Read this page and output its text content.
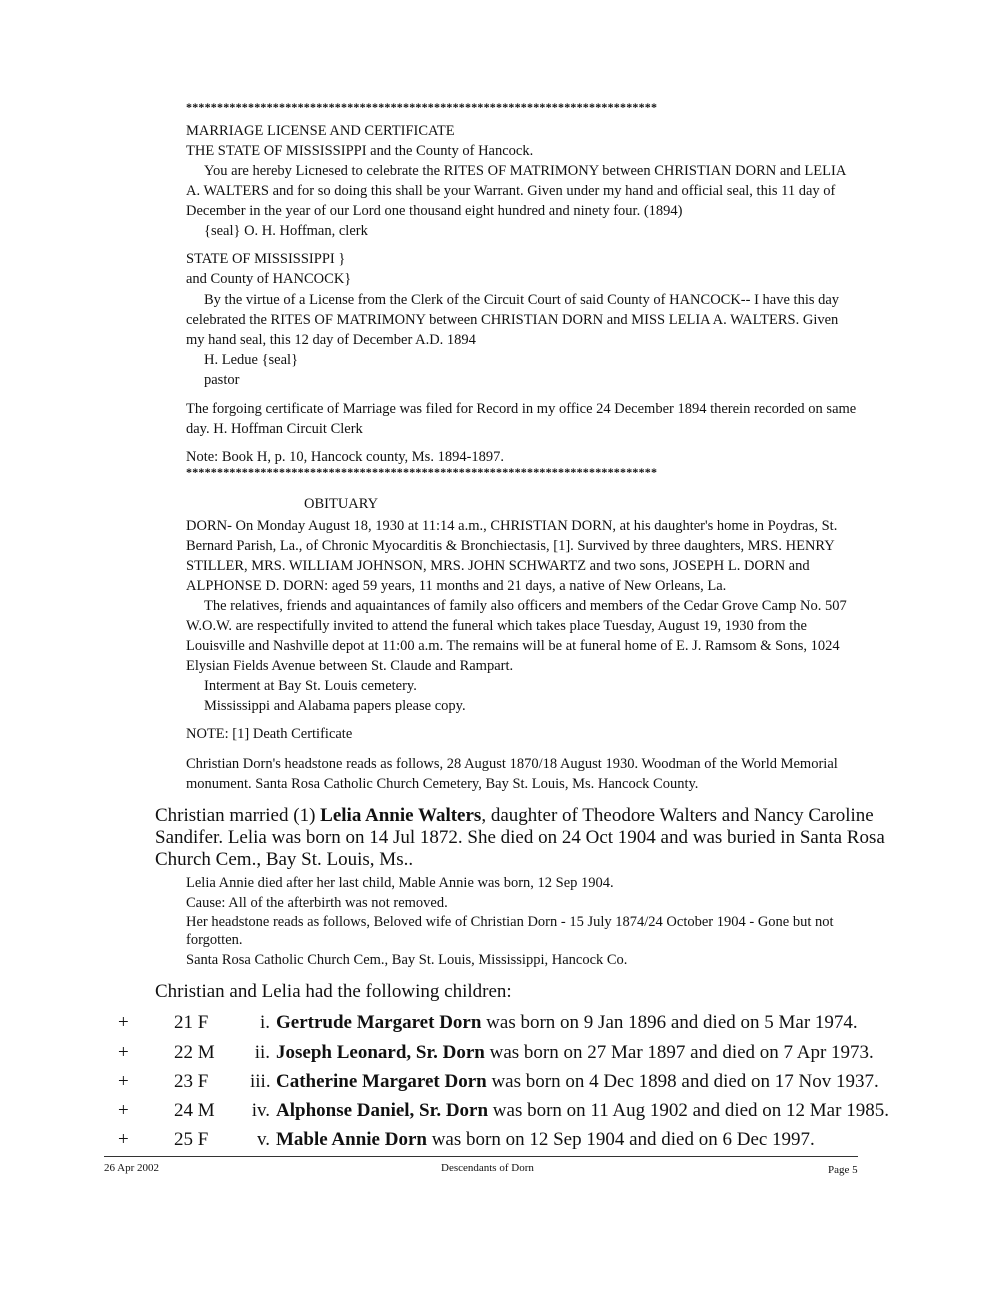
****************************************************************************
MARRIAGE LICENSE AND CERTIFICATE
THE STATE OF MISSISSIPPI and the County of Hancock.
You are hereby Licnesed to celebrate the RITES OF MATRIMONY between CHRISTIAN DORN and LELIA
A. WALTERS and for so doing this shall be your Warrant. Given under my hand and official seal, this 11 day of
December in the year of our Lord one thousand eight hundred and ninety four. (1894)
{seal} O. H. Hoffman, clerk
STATE OF MISSISSIPPI }
and County of HANCOCK}
By the virtue of a License from the Clerk of the Circuit Court of said County of HANCOCK-- I have this day
celebrated the RITES OF MATRIMONY between CHRISTIAN DORN and MISS LELIA A. WALTERS. Given
my hand seal, this 12 day of December A.D. 1894
H. Ledue {seal}
pastor
The forgoing certificate of Marriage was filed for Record in my office 24 December 1894 therein recorded on same
day. H. Hoffman Circuit Clerk
Note: Book H, p. 10, Hancock county, Ms. 1894-1897.
****************************************************************************
OBITUARY
DORN- On Monday August 18, 1930 at 11:14 a.m., CHRISTIAN DORN, at his daughter's home in Poydras, St.
Bernard Parish, La., of Chronic Myocarditis & Bronchiectasis, [1]. Survived by three daughters, MRS. HENRY
STILLER, MRS. WILLIAM JOHNSON, MRS. JOHN SCHWARTZ and two sons, JOSEPH L. DORN and
ALPHONSE D. DORN: aged 59 years, 11 months and 21 days, a native of New Orleans, La.
The relatives, friends and aquaintances of family also officers and members of the Cedar Grove Camp No. 507
W.O.W. are respectifully invited to attend the funeral which takes place Tuesday, August 19, 1930 from the
Louisville and Nashville depot at 11:00 a.m. The remains will be at funeral home of E. J. Ramsom & Sons, 1024
Elysian Fields Avenue between St. Claude and Rampart.
Interment at Bay St. Louis cemetery.
Mississippi and Alabama papers please copy.
NOTE: [1] Death Certificate
Christian Dorn's headstone reads as follows, 28 August 1870/18 August 1930. Woodman of the World Memorial
monument. Santa Rosa Catholic Church Cemetery, Bay St. Louis, Ms. Hancock County.
Christian married (1) Lelia Annie Walters, daughter of Theodore Walters and Nancy Caroline
Sandifer. Lelia was born on 14 Jul 1872. She died on 24 Oct 1904 and was buried in Santa Rosa
Church Cem., Bay St. Louis, Ms..
Lelia Annie died after her last child, Mable Annie was born, 12 Sep 1904.
Cause: All of the afterbirth was not removed.
Her headstone reads as follows, Beloved wife of Christian Dorn - 15 July 1874/24 October 1904 - Gone but not
forgotten.
Santa Rosa Catholic Church Cem., Bay St. Louis, Mississippi, Hancock Co.
Christian and Lelia had the following children:
+ 21 F	i. Gertrude Margaret Dorn was born on 9 Jan 1896 and died on 5 Mar 1974.
+ 22 M ii. Joseph Leonard, Sr. Dorn was born on 27 Mar 1897 and died on 7 Apr 1973.
+ 23 F iii. Catherine Margaret Dorn was born on 4 Dec 1898 and died on 17 Nov 1937.
+ 24 M iv. Alphonse Daniel, Sr. Dorn was born on 11 Aug 1902 and died on 12 Mar 1985.
+ 25 F	v. Mable Annie Dorn was born on 12 Sep 1904 and died on 6 Dec 1997.
26 Apr 2002	Descendants of Dorn	Page 5
